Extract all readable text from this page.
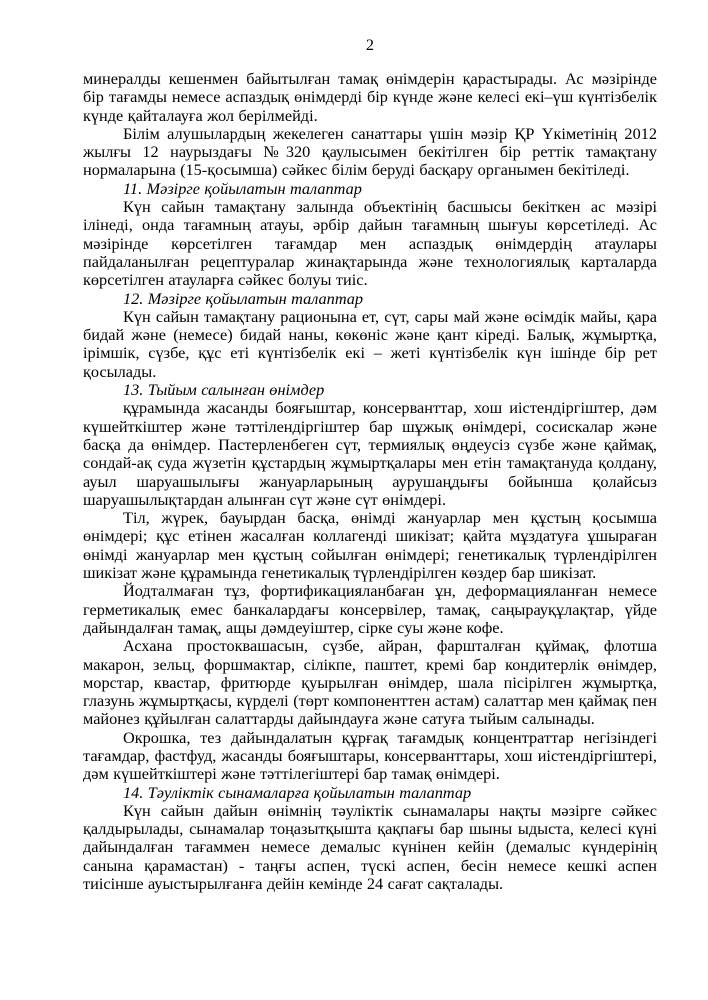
2

минералды кешенмен байытылған тамақ өнімдерін қарастырады. Ас мәзірінде бір тағамды немесе аспаздық өнімдерді бір күнде және келесі екі–үш күнтізбелік күнде қайталауға жол берілмейді.

Білім алушылардың жекелеген санаттары үшін мәзір ҚР Үкіметінің 2012 жылғы 12 наурыздағы №320 қаулысымен бекітілген бір реттік тамақтану нормаларына (15-қосымша) сәйкес білім беруді басқару органымен бекітіледі.

11. Мәзірге қойылатын талаптар

Күн сайын тамақтану залында объектінің басшысы бекіткен ас мәзірі ілінеді, онда тағамның атауы, әрбір дайын тағамның шығуы көрсетіледі. Ас мәзірінде көрсетілген тағамдар мен аспаздық өнімдердің атаулары пайдаланылған рецептуралар жинақтарында және технологиялық карталарда көрсетілген атауларға сәйкес болуы тиіс.

12. Мәзірге қойылатын талаптар

Күн сайын тамақтану рационына ет, сүт, сары май және өсімдік майы, қара бидай және (немесе) бидай наны, көкөніс және қант кіреді. Балық, жұмыртқа, ірімшік, сүзбе, құс еті күнтізбелік екі – жеті күнтізбелік күн ішінде бір рет қосылады.

13. Тыйым салынған өнімдер

құрамында жасанды бояғыштар, консерванттар, хош иістендіргіштер, дәм күшейткіштер және тәттілендіргіштер бар шұжық өнімдері, сосискалар және басқа да өнімдер. Пастерленбеген сүт, термиялық өңдеусіз сүзбе және қаймақ, сондай-ақ суда жүзетін құстардың жұмыртқалары мен етін тамақтануда қолдану, ауыл шаруашылығы жануарларының аурушаңдығы бойынша қолайсыз шаруашылықтардан алынған сүт және сүт өнімдері.

Тіл, жүрек, бауырдан басқа, өнімді жануарлар мен құстың қосымша өнімдері; құс етінен жасалған коллагенді шикізат; қайта мұздатуға ұшыраған өнімді жануарлар мен құстың сойылған өнімдері; генетикалық түрлендірілген шикізат және құрамында генетикалық түрлендірілген көздер бар шикізат.

Йодталмаған тұз, фортификацияланбаған ұн, деформацияланған немесе герметикалық емес банкалардағы консервілер, тамақ, саңырауқұлақтар, үйде дайындалған тамақ, ащы дәмдеуіштер, сірке суы және кофе.

Асхана простоквашасын, сүзбе, айран, фаршталған құймақ, флотша макарон, зельц, форшмактар, сілікпе, паштет, кремі бар кондитерлік өнімдер, морстар, квастар, фритюрде қуырылған өнімдер, шала пісірілген жұмыртқа, глазунь жұмыртқасы, күрделі (төрт компоненттен астам) салаттар мен қаймақ пен майонез құйылған салаттарды дайындауға және сатуға тыйым салынады.

Окрошка, тез дайындалатын құрғақ тағамдық концентраттар негізіндегі тағамдар, фастфуд, жасанды бояғыштары, консерванттары, хош иістендіргіштері, дәм күшейткіштері және тәттілегіштері бар тамақ өнімдері.

14. Тәуліктік сынамаларға қойылатын талаптар

Күн сайын дайын өнімнің тәуліктік сынамалары нақты мәзірге сәйкес қалдырылады, сынамалар тоңазытқышта қақпағы бар шыны ыдыста, келесі күні дайындалған тағаммен немесе демалыс күнінен кейін (демалыс күндерінің санына қарамастан) - таңғы аспен, түскі аспен, бесін немесе кешкі аспен тиісінше ауыстырылғанға дейін кемінде 24 сағат сақталады.
